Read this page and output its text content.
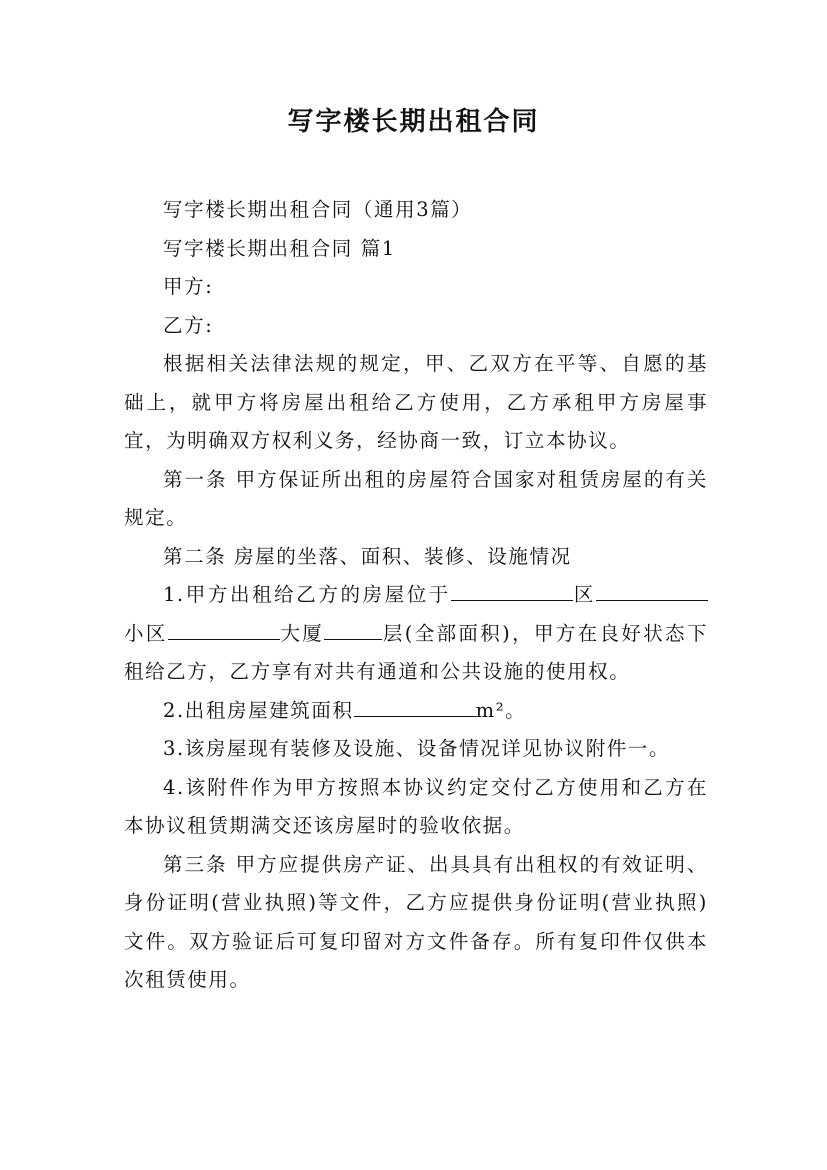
写字楼长期出租合同

写字楼长期出租合同（通用3篇）

写字楼长期出租合同 篇1

甲方:

乙方:

根据相关法律法规的规定，甲、乙双方在平等、自愿的基础上，就甲方将房屋出租给乙方使用，乙方承租甲方房屋事宜，为明确双方权利义务，经协商一致，订立本协议。

第一条 甲方保证所出租的房屋符合国家对租赁房屋的有关规定。

第二条 房屋的坐落、面积、装修、设施情况

1.甲方出租给乙方的房屋位于	区小区	大厦	层(全部面积)，甲方在良好状态下租给乙方，乙方享有对共有通道和公共设施的使用权。

2.出租房屋建筑面积	m²。

3.该房屋现有装修及设施、设备情况详见协议附件一。

4.该附件作为甲方按照本协议约定交付乙方使用和乙方在本协议租赁期满交还该房屋时的验收依据。

第三条 甲方应提供房产证、出具具有出租权的有效证明、身份证明(营业执照)等文件，乙方应提供身份证明(营业执照)文件。双方验证后可复印留对方文件备存。所有复印件仅供本次租赁使用。
